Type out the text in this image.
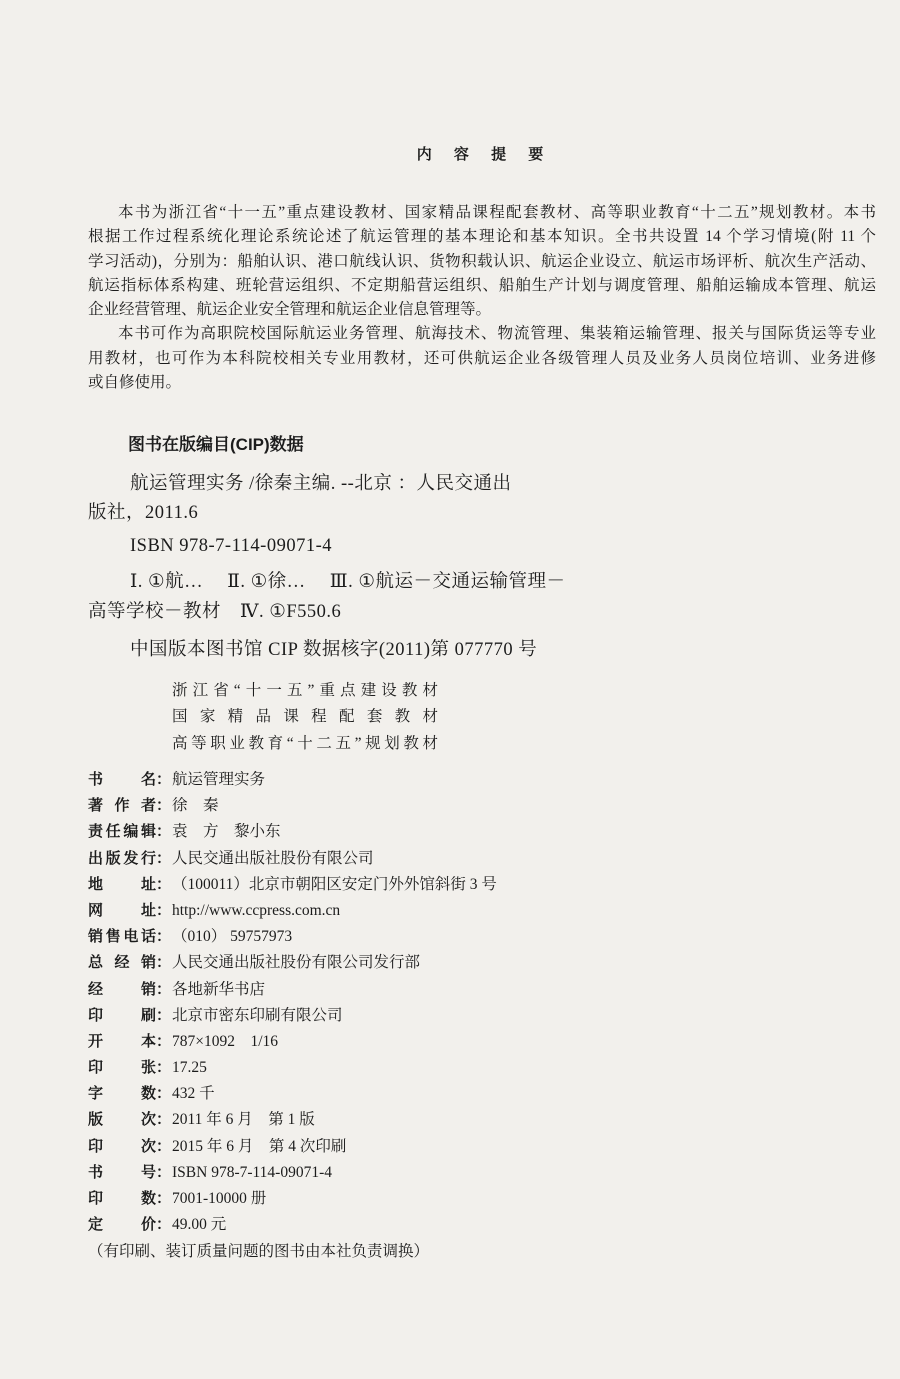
内 容 提 要
本书为浙江省“十一五”重点建设教材、国家精品课程配套教材、高等职业教育“十二五”规划教材。本书
根据工作过程系统化理论系统论述了航运管理的基本理论和基本知识。全书共设置 14 个学习情境(附 11 个
学习活动)，分别为：船舶认识、港口航线认识、货物积载认识、航运企业设立、航运市场评析、航次生产活动、
航运指标体系构建、班轮营运组织、不定期船营运组织、船舶生产计划与调度管理、船舶运输成本管理、航运
企业经营管理、航运企业安全管理和航运企业信息管理等。
本书可作为高职院校国际航运业务管理、航海技术、物流管理、集装箱运输管理、报关与国际货运等专业
用教材，也可作为本科院校相关专业用教材，还可供航运企业各级管理人员及业务人员岗位培训、业务进修
或自修使用。
图书在版编目(CIP)数据
航运管理实务 /徐秦主编. --北京 ：人民交通出
版社，2011.6
ISBN 978-7-114-09071-4
Ⅰ. ①航…　 Ⅱ. ①徐…　 Ⅲ. ①航运－交通运输管理－
高等学校－教材　Ⅳ. ①F550.6
中国版本图书馆 CIP 数据核字(2011)第 077770 号
浙江省“十一五”重点建设教材
国 家 精 品 课 程 配 套 教 材
高等职业教育“十二五”规划教材
书 名：航运管理实务
著 作 者：徐　秦
责任编辑：袁　方　黎小东
出版发行：人民交通出版社股份有限公司
地 址：（100011）北京市朝阳区安定门外外馆斜街 3 号
网 址：http://www.ccpress.com.cn
销售电话：（010） 59757973
总 经 销：人民交通出版社股份有限公司发行部
经 销：各地新华书店
印 刷：北京市密东印刷有限公司
开 本：787×1092　1/16
印 张：17.25
字 数：432 千
版 次：2011 年 6 月　第 1 版
印 次：2015 年 6 月　第 4 次印刷
书 号：ISBN 978-7-114-09071-4
印 数：7001-10000 册
定 价：49.00 元
（有印刷、装订质量问题的图书由本社负责调换）
